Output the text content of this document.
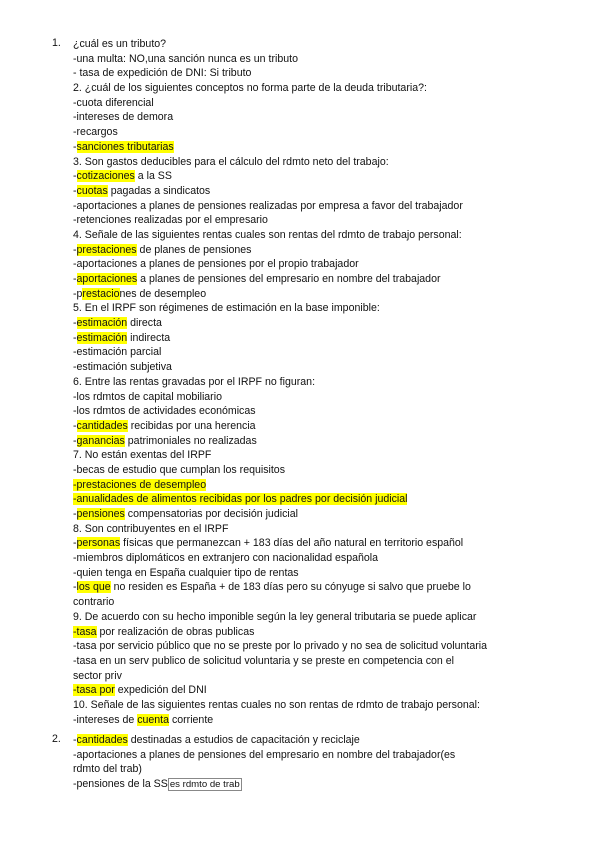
1. ¿cuál es un tributo?
-una multa: NO,una sanción nunca es un tributo
- tasa de expedición de DNI: Si tributo
2. ¿cuál de los siguientes conceptos no forma parte de la deuda tributaria?:
-cuota diferencial
-intereses de demora
-recargos
-sanciones tributarias
3. Son gastos deducibles para el cálculo del rdmto neto del trabajo:
-cotizaciones a la SS
-cuotas pagadas a sindicatos
-aportaciones a planes de pensiones realizadas por empresa a favor del trabajador
-retenciones realizadas por el empresario
4. Señale de las siguientes rentas cuales son rentas del rdmto de trabajo personal:
-prestaciones de planes de pensiones
-aportaciones a planes de pensiones por el propio trabajador
-aportaciones a planes de pensiones del empresario en nombre del trabajador
-prestaciones de desempleo
5. En el IRPF son régimenes de estimación en la base imponible:
-estimación directa
-estimación indirecta
-estimación parcial
-estimación subjetiva
6. Entre las rentas gravadas por el IRPF no figuran:
-los rdmtos de capital mobiliario
-los rdmtos de actividades económicas
-cantidades recibidas por una herencia
-ganancias patrimoniales no realizadas
7. No están exentas del IRPF
-becas de estudio que cumplan los requisitos
-prestaciones de desempleo
-anualidades de alimentos recibidas por los padres por decisión judicial
-pensiones compensatorias por decisión judicial
8. Son contribuyentes en el IRPF
-personas físicas que permanezcan + 183 días del año natural en territorio español
-miembros diplomáticos en extranjero con nacionalidad española
-quien tenga en España cualquier tipo de rentas
-los que no residen es España + de 183 días pero su cónyuge si salvo que pruebe lo
contrario
9. De acuerdo con su hecho imponible según la ley general tributaria se puede aplicar
-tasa por realización de obras publicas
-tasa por servicio público que no se preste por lo privado y no sea de solicitud voluntaria
-tasa en un serv publico de solicitud voluntaria y se preste en competencia con el
sector priv
-tasa por expedición del DNI
10. Señale de las siguientes rentas cuales no son rentas de rdmto de trabajo personal:
-intereses de cuenta corriente
2. -cantidades destinadas a estudios de capacitación y reciclaje
-aportaciones a planes de pensiones del empresario en nombre del trabajador(es
rdmto del trab)
-pensiones de la SS es rdmto de trab
